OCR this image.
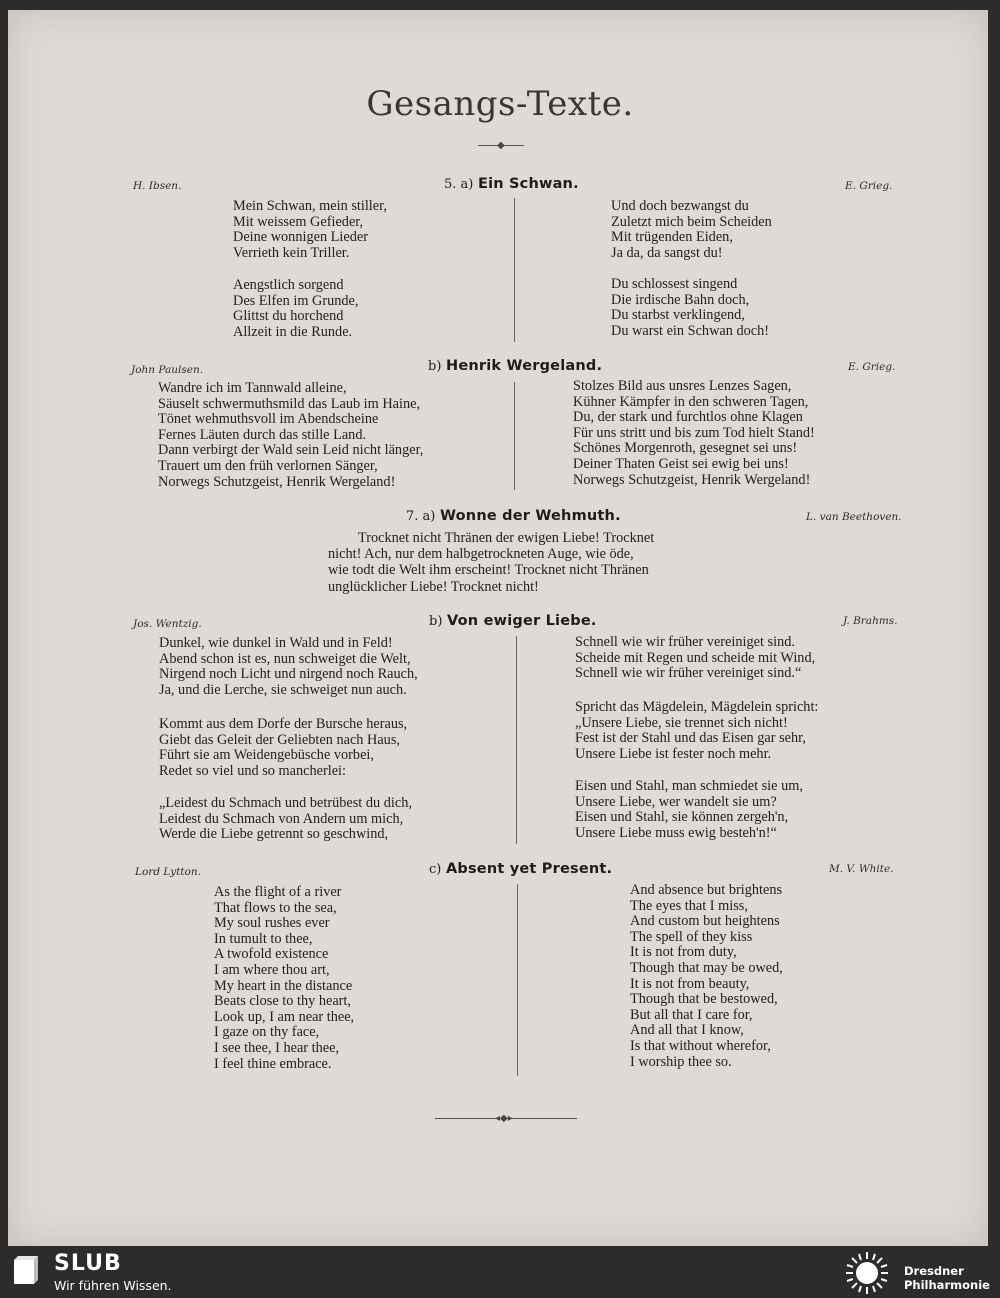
Gesangs-Texte.
◆
H. Ibsen.	5. a) Ein Schwan.	E. Grieg.
Mein Schwan, mein stiller,
Mit weissem Gefieder,
Deine wonnigen Lieder
Verrieth kein Triller.
Aengstlich sorgend
Des Elfen im Grunde,
Glittst du horchend
Allzeit in die Runde.
Und doch bezwangst du
Zuletzt mich beim Scheiden
Mit trügenden Eiden,
Ja da, da sangst du!
Du schlossest singend
Die irdische Bahn doch,
Du starbst verklingend,
Du warst ein Schwan doch!
John Paulsen.	b) Henrik Wergeland.	E. Grieg.
Wandre ich im Tannwald alleine,
Säuselt schwermuthsmild das Laub im Haine,
Tönet wehmuthsvoll im Abendscheine
Fernes Läuten durch das stille Land.
Dann verbirgt der Wald sein Leid nicht länger,
Trauert um den früh verlornen Sänger,
Norwegs Schutzgeist, Henrik Wergeland!
Stolzes Bild aus unsres Lenzes Sagen,
Kühner Kämpfer in den schweren Tagen,
Du, der stark und furchtlos ohne Klagen
Für uns stritt und bis zum Tod hielt Stand!
Schönes Morgenroth, gesegnet sei uns!
Deiner Thaten Geist sei ewig bei uns!
Norwegs Schutzgeist, Henrik Wergeland!
7. a) Wonne der Wehmuth.	L. van Beethoven.
Trocknet nicht Thränen der ewigen Liebe! Trocknet
nicht! Ach, nur dem halbgetrockneten Auge, wie öde,
wie todt die Welt ihm erscheint! Trocknet nicht Thränen
unglücklicher Liebe! Trocknet nicht!
Jos. Wentzig.	b) Von ewiger Liebe.	J. Brahms.
Dunkel, wie dunkel in Wald und in Feld!
Abend schon ist es, nun schweiget die Welt,
Nirgend noch Licht und nirgend noch Rauch,
Ja, und die Lerche, sie schweiget nun auch.
Kommt aus dem Dorfe der Bursche heraus,
Giebt das Geleit der Geliebten nach Haus,
Führt sie am Weidengebüsche vorbei,
Redet so viel und so mancherlei:
„Leidest du Schmach und betrübest du dich,
Leidest du Schmach von Andern um mich,
Werde die Liebe getrennt so geschwind,
Schnell wie wir früher vereiniget sind.
Scheide mit Regen und scheide mit Wind,
Schnell wie wir früher vereiniget sind.“
Spricht das Mägdelein, Mägdelein spricht:
„Unsere Liebe, sie trennet sich nicht!
Fest ist der Stahl und das Eisen gar sehr,
Unsere Liebe ist fester noch mehr.
Eisen und Stahl, man schmiedet sie um,
Unsere Liebe, wer wandelt sie um?
Eisen und Stahl, sie können zergeh'n,
Unsere Liebe muss ewig besteh'n!“
Lord Lytton.	c) Absent yet Present.	M. V. White.
As the flight of a river
That flows to the sea,
My soul rushes ever
In tumult to thee,
A twofold existence
I am where thou art,
My heart in the distance
Beats close to thy heart,
Look up, I am near thee,
I gaze on thy face,
I see thee, I hear thee,
I feel thine embrace.
And absence but brightens
The eyes that I miss,
And custom but heightens
The spell of they kiss
It is not from duty,
Though that may be owed,
It is not from beauty,
Though that be bestowed,
But all that I care for,
And all that I know,
Is that without wherefor,
I worship thee so.
◂◆▸
SLUB
Wir führen Wissen.
Dresdner
Philharmonie
